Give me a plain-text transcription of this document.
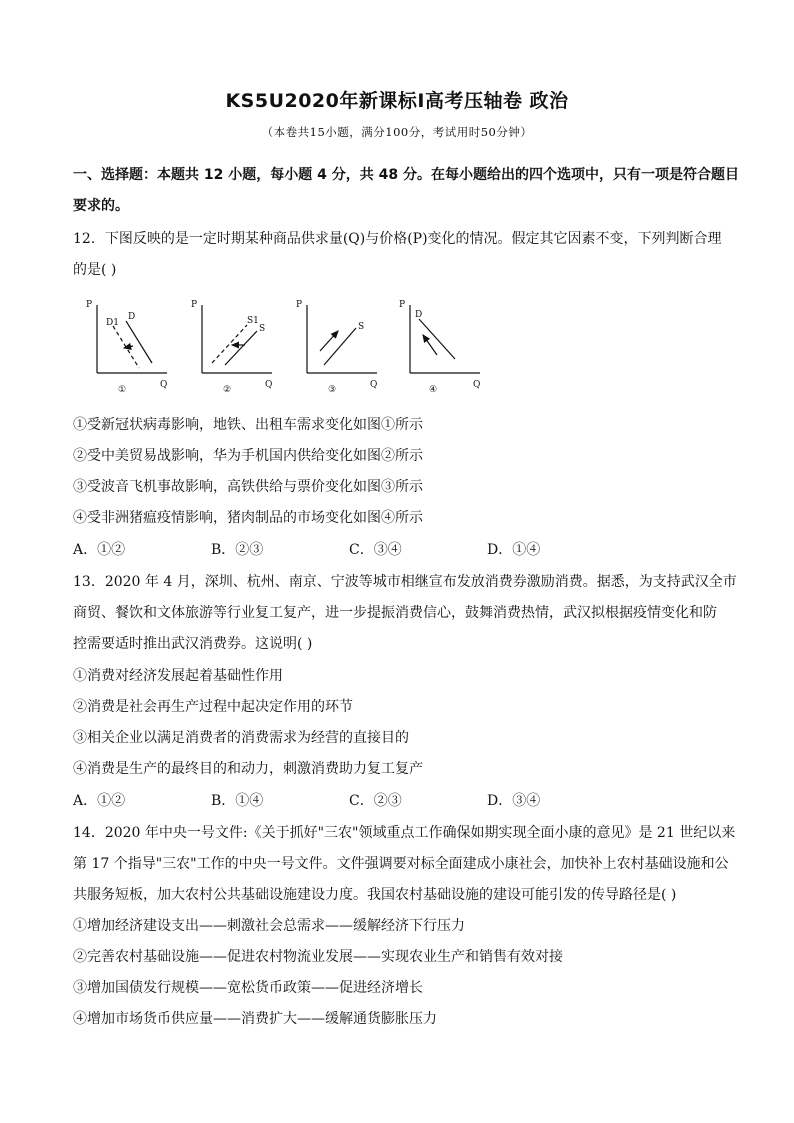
KS5U2020年新课标Ⅰ高考压轴卷 政治
（本卷共15小题，满分100分，考试用时50分钟）
一、选择题：本题共 12 小题，每小题 4 分，共 48 分。在每小题给出的四个选项中，只有一项是符合题目
要求的。
12．下图反映的是一定时期某种商品供求量(Q)与价格(P)变化的情况。假定其它因素不变，下列判断合理
的是( )
P
Q
①
D
D1
P
Q
②
S
S1
P
Q
③
S
P
Q
④
D
①受新冠状病毒影响，地铁、出租车需求变化如图①所示
②受中美贸易战影响，华为手机国内供给变化如图②所示
③受波音飞机事故影响，高铁供给与票价变化如图③所示
④受非洲猪瘟疫情影响，猪肉制品的市场变化如图④所示
A．①②	B．②③	C．③④	D．①④
13．2020 年 4 月，深圳、杭州、南京、宁波等城市相继宣布发放消费券激励消费。据悉，为支持武汉全市
商贸、餐饮和文体旅游等行业复工复产，进一步提振消费信心，鼓舞消费热情，武汉拟根据疫情变化和防
控需要适时推出武汉消费券。这说明( )
①消费对经济发展起着基础性作用
②消费是社会再生产过程中起决定作用的环节
③相关企业以满足消费者的消费需求为经营的直接目的
④消费是生产的最终目的和动力，刺激消费助力复工复产
A．①②	B．①④	C．②③	D．③④
14．2020 年中央一号文件:《关于抓好"三农"领域重点工作确保如期实现全面小康的意见》是 21 世纪以来
第 17 个指导"三农"工作的中央一号文件。文件强调要对标全面建成小康社会，加快补上农村基础设施和公
共服务短板，加大农村公共基础设施建设力度。我国农村基础设施的建设可能引发的传导路径是( )
①增加经济建设支出——刺激社会总需求——缓解经济下行压力
②完善农村基础设施——促进农村物流业发展——实现农业生产和销售有效对接
③增加国债发行规模——宽松货币政策——促进经济增长
④增加市场货币供应量——消费扩大——缓解通货膨胀压力
